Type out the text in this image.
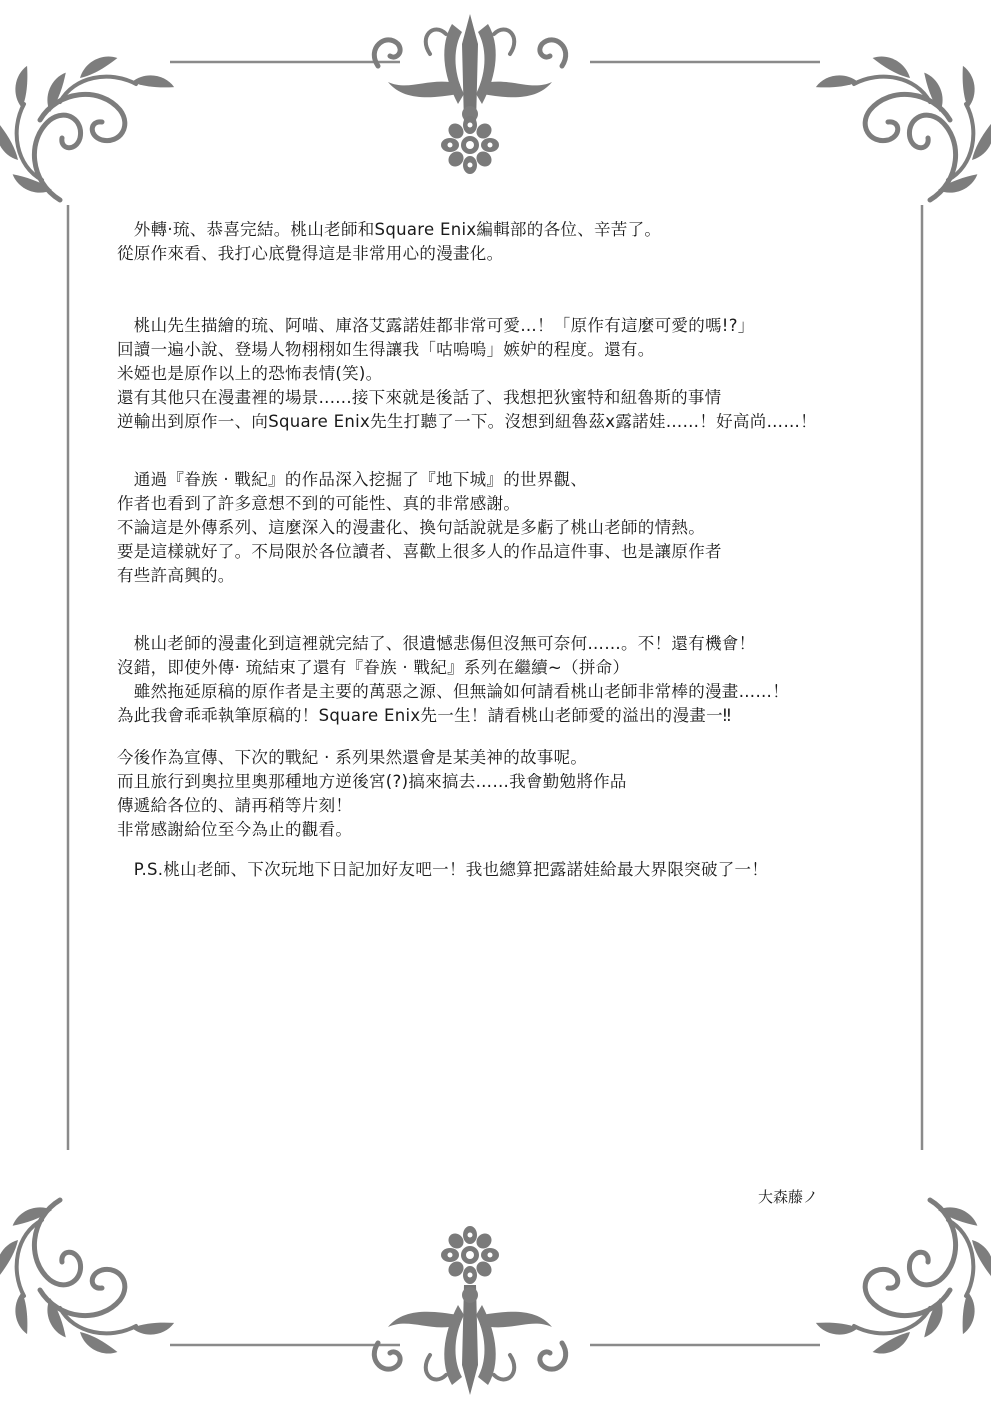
　外轉·琉、恭喜完結。桃山老師和Square Enix編輯部的各位、辛苦了。
從原作來看、我打心底覺得這是非常用心的漫畫化。
　桃山先生描繪的琉、阿喵、庫洛艾露諾娃都非常可愛…！「原作有這麼可愛的嗎!?」
回讀一遍小說、登場人物栩栩如生得讓我「咕嗚嗚」嫉妒的程度。還有。
米婭也是原作以上的恐怖表情(笑)。
還有其他只在漫畫裡的場景......接下來就是後話了、我想把狄蜜特和紐魯斯的事情
逆輸出到原作一、向Square Enix先生打聽了一下。沒想到紐魯茲x露諾娃……！好高尚……！
　通過『眷族 · 戰紀』的作品深入挖掘了『地下城』的世界觀、
作者也看到了許多意想不到的可能性、真的非常感謝。
不論這是外傳系列、這麼深入的漫畫化、換句話說就是多虧了桃山老師的情熱。
要是這樣就好了。不局限於各位讀者、喜歡上很多人的作品這件事、也是讓原作者
有些許高興的。
　桃山老師的漫畫化到這裡就完結了、很遺憾悲傷但沒無可奈何……。不！還有機會！
沒錯，即使外傳· 琉結束了還有『眷族 · 戰紀』系列在繼續~（拼命）
　雖然拖延原稿的原作者是主要的萬惡之源、但無論如何請看桃山老師非常棒的漫畫……！
為此我會乖乖執筆原稿的！Square Enix先一生！請看桃山老師愛的溢出的漫畫一‼
今後作為宣傳、下次的戰紀 · 系列果然還會是某美神的故事呢。
而且旅行到奧拉里奧那種地方逆後宮(?)搞來搞去……我會勤勉將作品
傳遞給各位的、請再稍等片刻！
非常感謝給位至今為止的觀看。
　P.S.桃山老師、下次玩地下日記加好友吧一！我也總算把露諾娃給最大界限突破了一！
大森藤ノ
